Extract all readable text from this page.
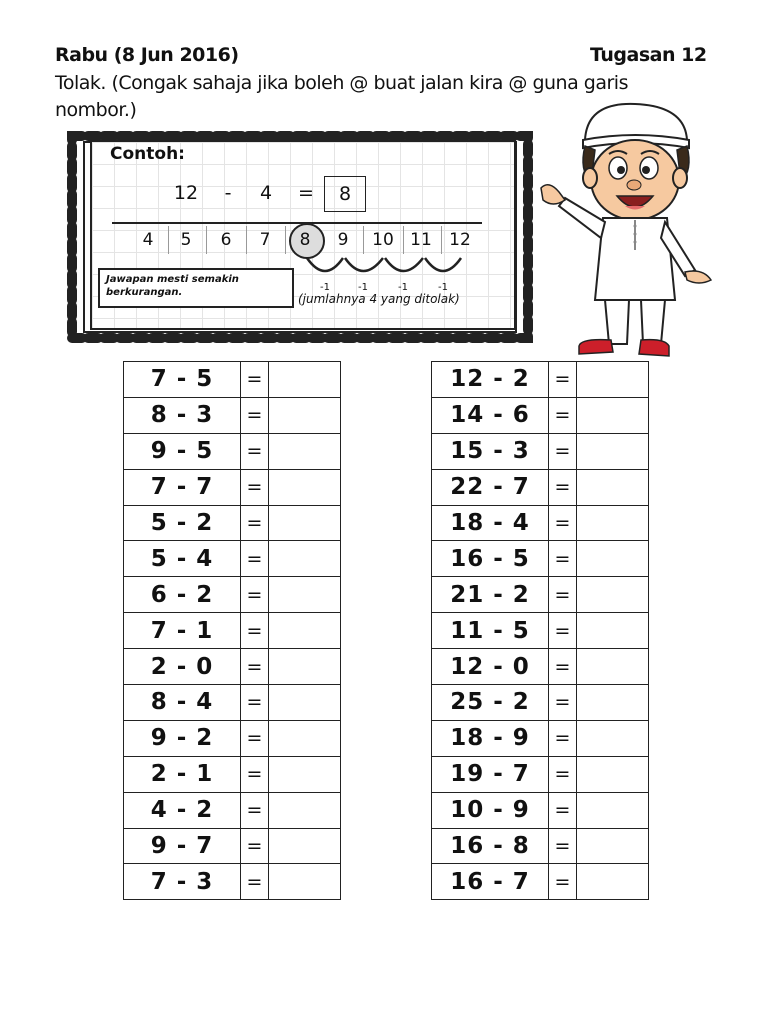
Rabu (8 Jun 2016)	Tugasan 12
Tolak. (Congak sahaja jika boleh @ buat jalan kira @ guna garis nombor.)
Contoh:
12	-	4	=	8
4	5	6	7	8	9	10 11	12
-1	-1	-1	-1
Jawapan mesti semakin berkurangan.	(jumlahnya 4 yang ditolak)
7 - 5	=	
8 - 3	=	
9 - 5	=	
7 - 7	=	
5 - 2	=	
5 - 4	=	
6 - 2	=	
7 - 1	=	
2 - 0	=	
8 - 4	=	
9 - 2	=	
2 - 1	=	
4 - 2	=	
9 - 7	=	
7 - 3	=	
12 - 2	=	
14 - 6	=	
15 - 3	=	
22 - 7	=	
18 - 4	=	
16 - 5	=	
21 - 2	=	
11 - 5	=	
12 - 0	=	
25 - 2	=	
18 - 9	=	
19 - 7	=	
10 - 9	=	
16 - 8	=	
16 - 7	=	
